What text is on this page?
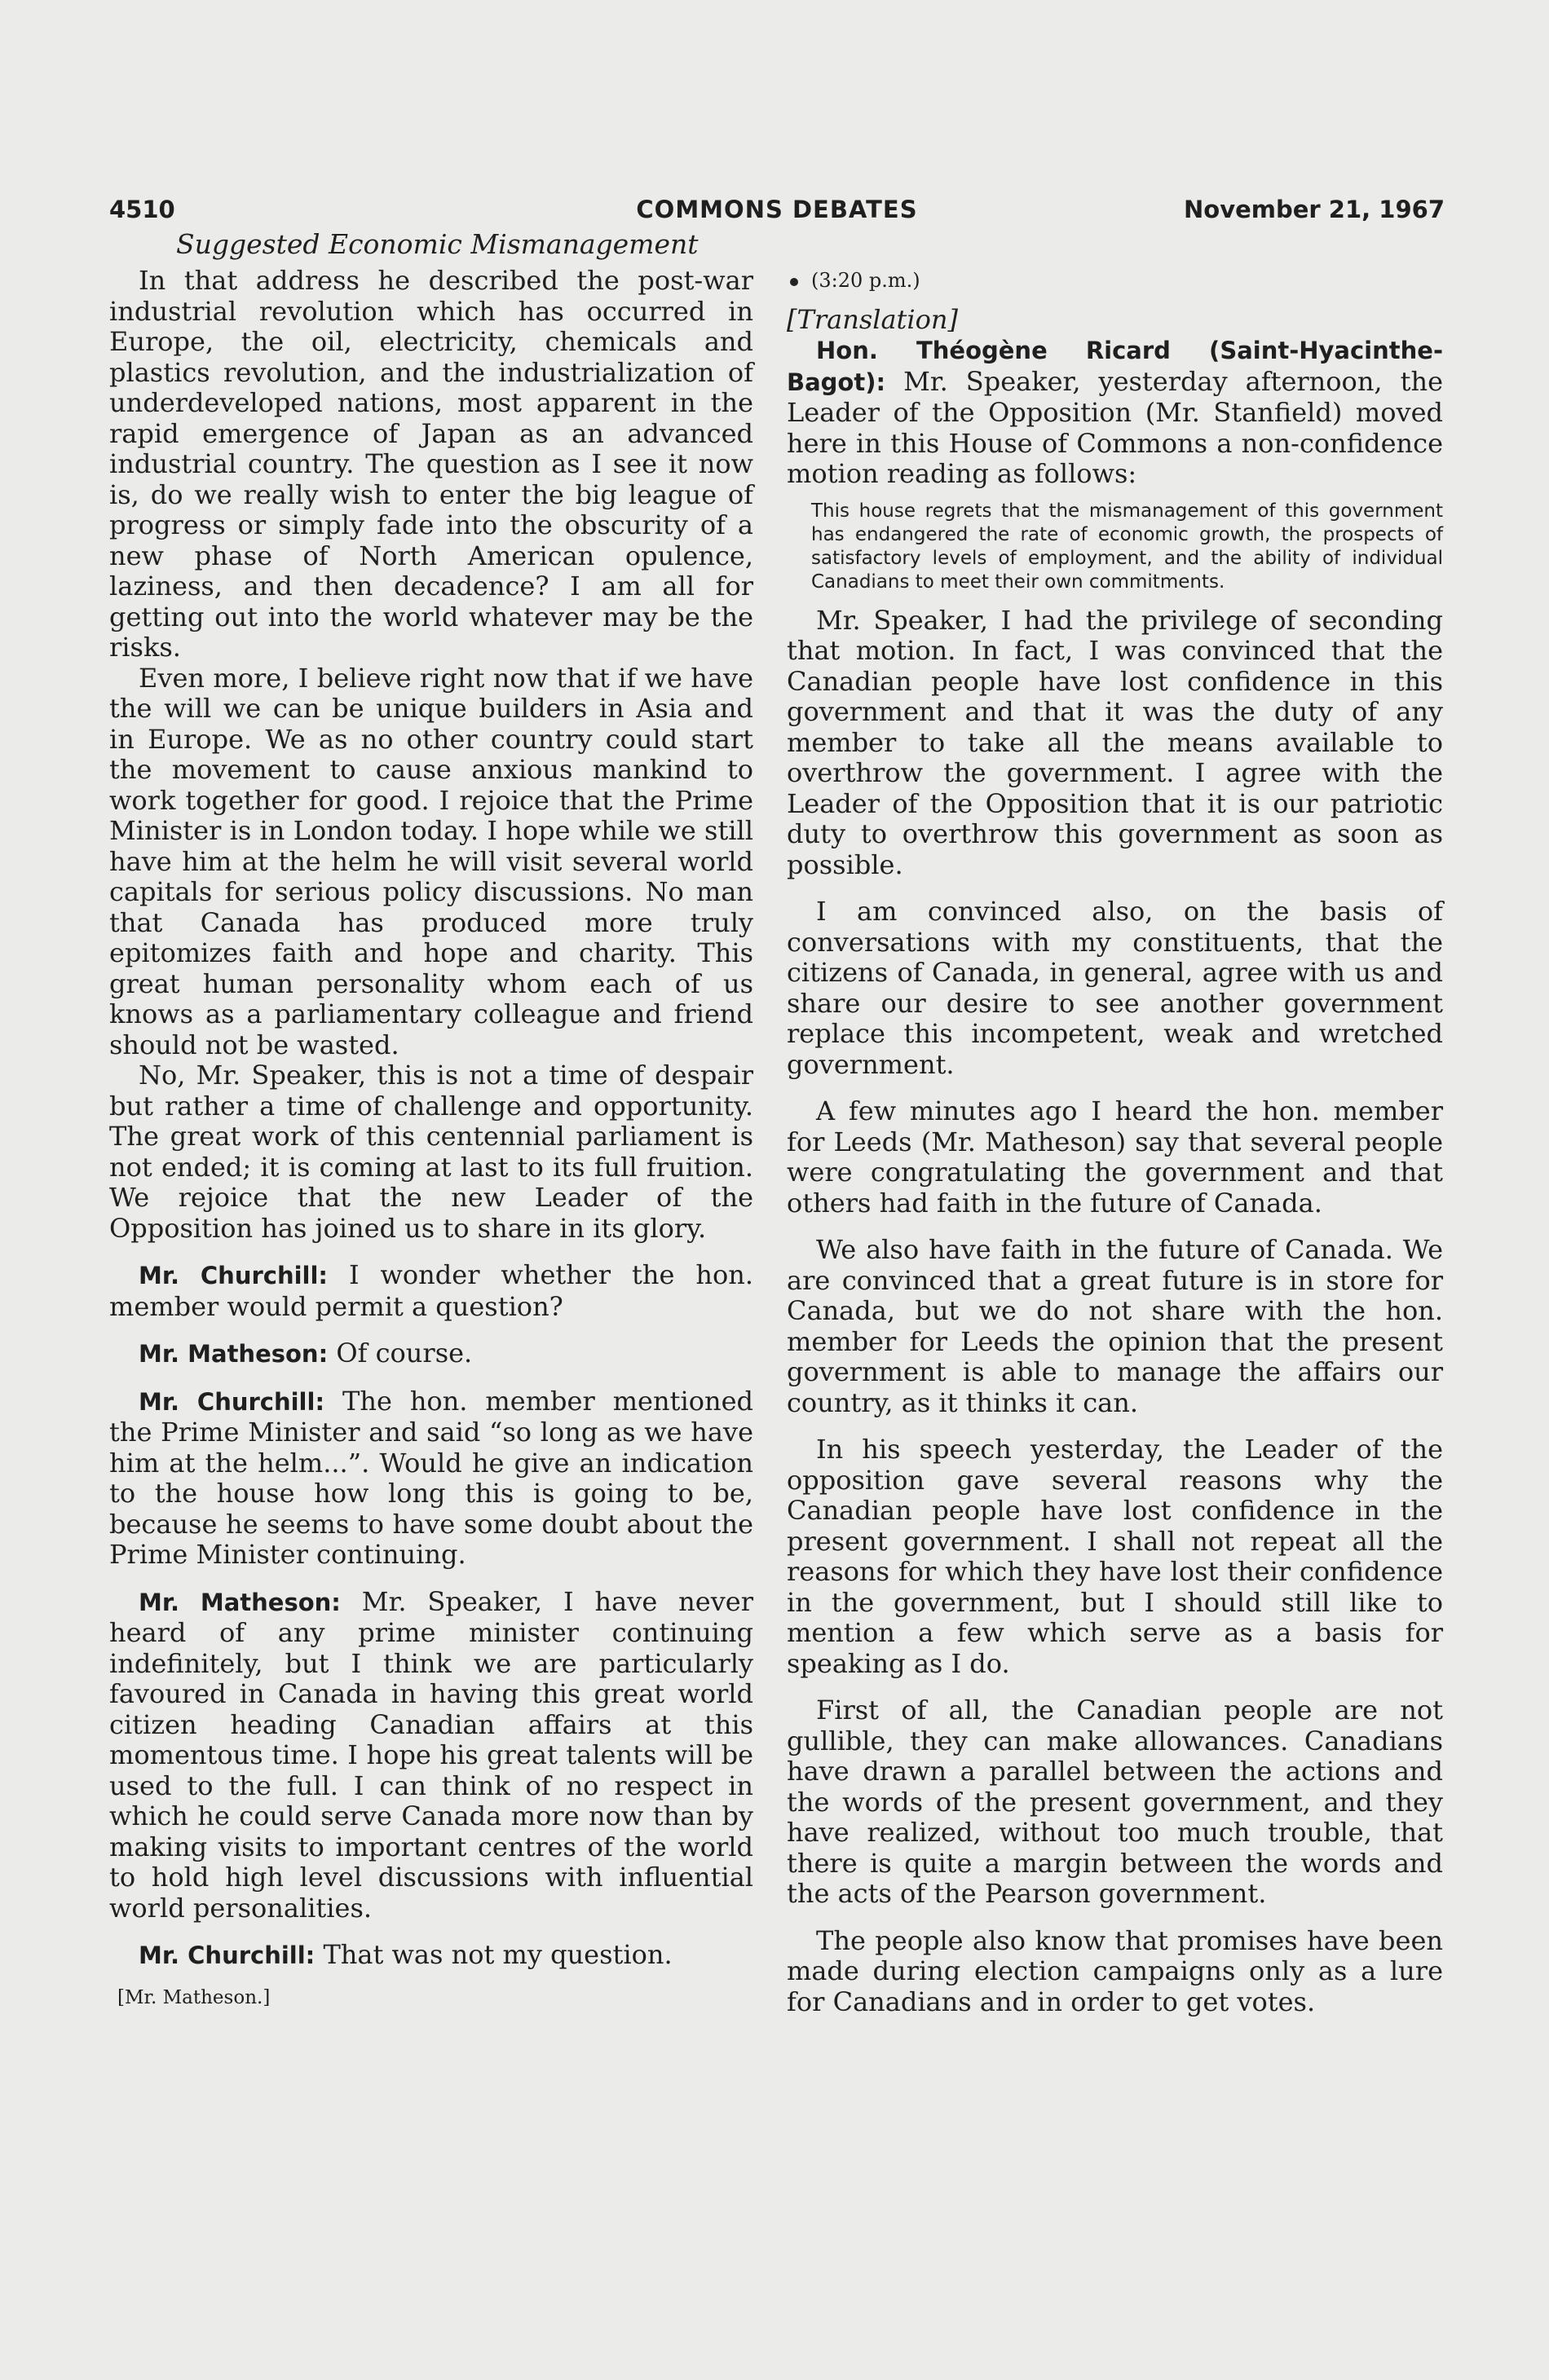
4510	COMMONS DEBATES	November 21, 1967
Suggested Economic Mismanagement

In that address he described the post-war industrial revolution which has occurred in Europe, the oil, electricity, chemicals and plastics revolution, and the industrialization of underdeveloped nations, most apparent in the rapid emergence of Japan as an advanced industrial country. The question as I see it now is, do we really wish to enter the big league of progress or simply fade into the obscurity of a new phase of North American opulence, laziness, and then decadence? I am all for getting out into the world whatever may be the risks.

Even more, I believe right now that if we have the will we can be unique builders in Asia and in Europe. We as no other country could start the movement to cause anxious mankind to work together for good. I rejoice that the Prime Minister is in London today. I hope while we still have him at the helm he will visit several world capitals for serious policy discussions. No man that Canada has produced more truly epitomizes faith and hope and charity. This great human personality whom each of us knows as a parliamentary colleague and friend should not be wasted.

No, Mr. Speaker, this is not a time of despair but rather a time of challenge and opportunity. The great work of this centennial parliament is not ended; it is coming at last to its full fruition. We rejoice that the new Leader of the Opposition has joined us to share in its glory.

Mr. Churchill: I wonder whether the hon. member would permit a question?

Mr. Matheson: Of course.

Mr. Churchill: The hon. member mentioned the Prime Minister and said “so long as we have him at the helm...”. Would he give an indication to the house how long this is going to be, because he seems to have some doubt about the Prime Minister continuing.

Mr. Matheson: Mr. Speaker, I have never heard of any prime minister continuing indefinitely, but I think we are particularly favoured in Canada in having this great world citizen heading Canadian affairs at this momentous time. I hope his great talents will be used to the full. I can think of no respect in which he could serve Canada more now than by making visits to important centres of the world to hold high level discussions with influential world personalities.

Mr. Churchill: That was not my question.

[Mr. Matheson.]
(3:20 p.m.)

[Translation]

Hon. Théogène Ricard (Saint-Hyacinthe-Bagot): Mr. Speaker, yesterday afternoon, the Leader of the Opposition (Mr. Stanfield) moved here in this House of Commons a non-confidence motion reading as follows:

This house regrets that the mismanagement of this government has endangered the rate of economic growth, the prospects of satisfactory levels of employment, and the ability of individual Canadians to meet their own commitments.

Mr. Speaker, I had the privilege of seconding that motion. In fact, I was convinced that the Canadian people have lost confidence in this government and that it was the duty of any member to take all the means available to overthrow the government. I agree with the Leader of the Opposition that it is our patriotic duty to overthrow this government as soon as possible.

I am convinced also, on the basis of conversations with my constituents, that the citizens of Canada, in general, agree with us and share our desire to see another government replace this incompetent, weak and wretched government.

A few minutes ago I heard the hon. member for Leeds (Mr. Matheson) say that several people were congratulating the government and that others had faith in the future of Canada.

We also have faith in the future of Canada. We are convinced that a great future is in store for Canada, but we do not share with the hon. member for Leeds the opinion that the present government is able to manage the affairs our country, as it thinks it can.

In his speech yesterday, the Leader of the opposition gave several reasons why the Canadian people have lost confidence in the present government. I shall not repeat all the reasons for which they have lost their confidence in the government, but I should still like to mention a few which serve as a basis for speaking as I do.

First of all, the Canadian people are not gullible, they can make allowances. Canadians have drawn a parallel between the actions and the words of the present government, and they have realized, without too much trouble, that there is quite a margin between the words and the acts of the Pearson government.

The people also know that promises have been made during election campaigns only as a lure for Canadians and in order to get votes.
